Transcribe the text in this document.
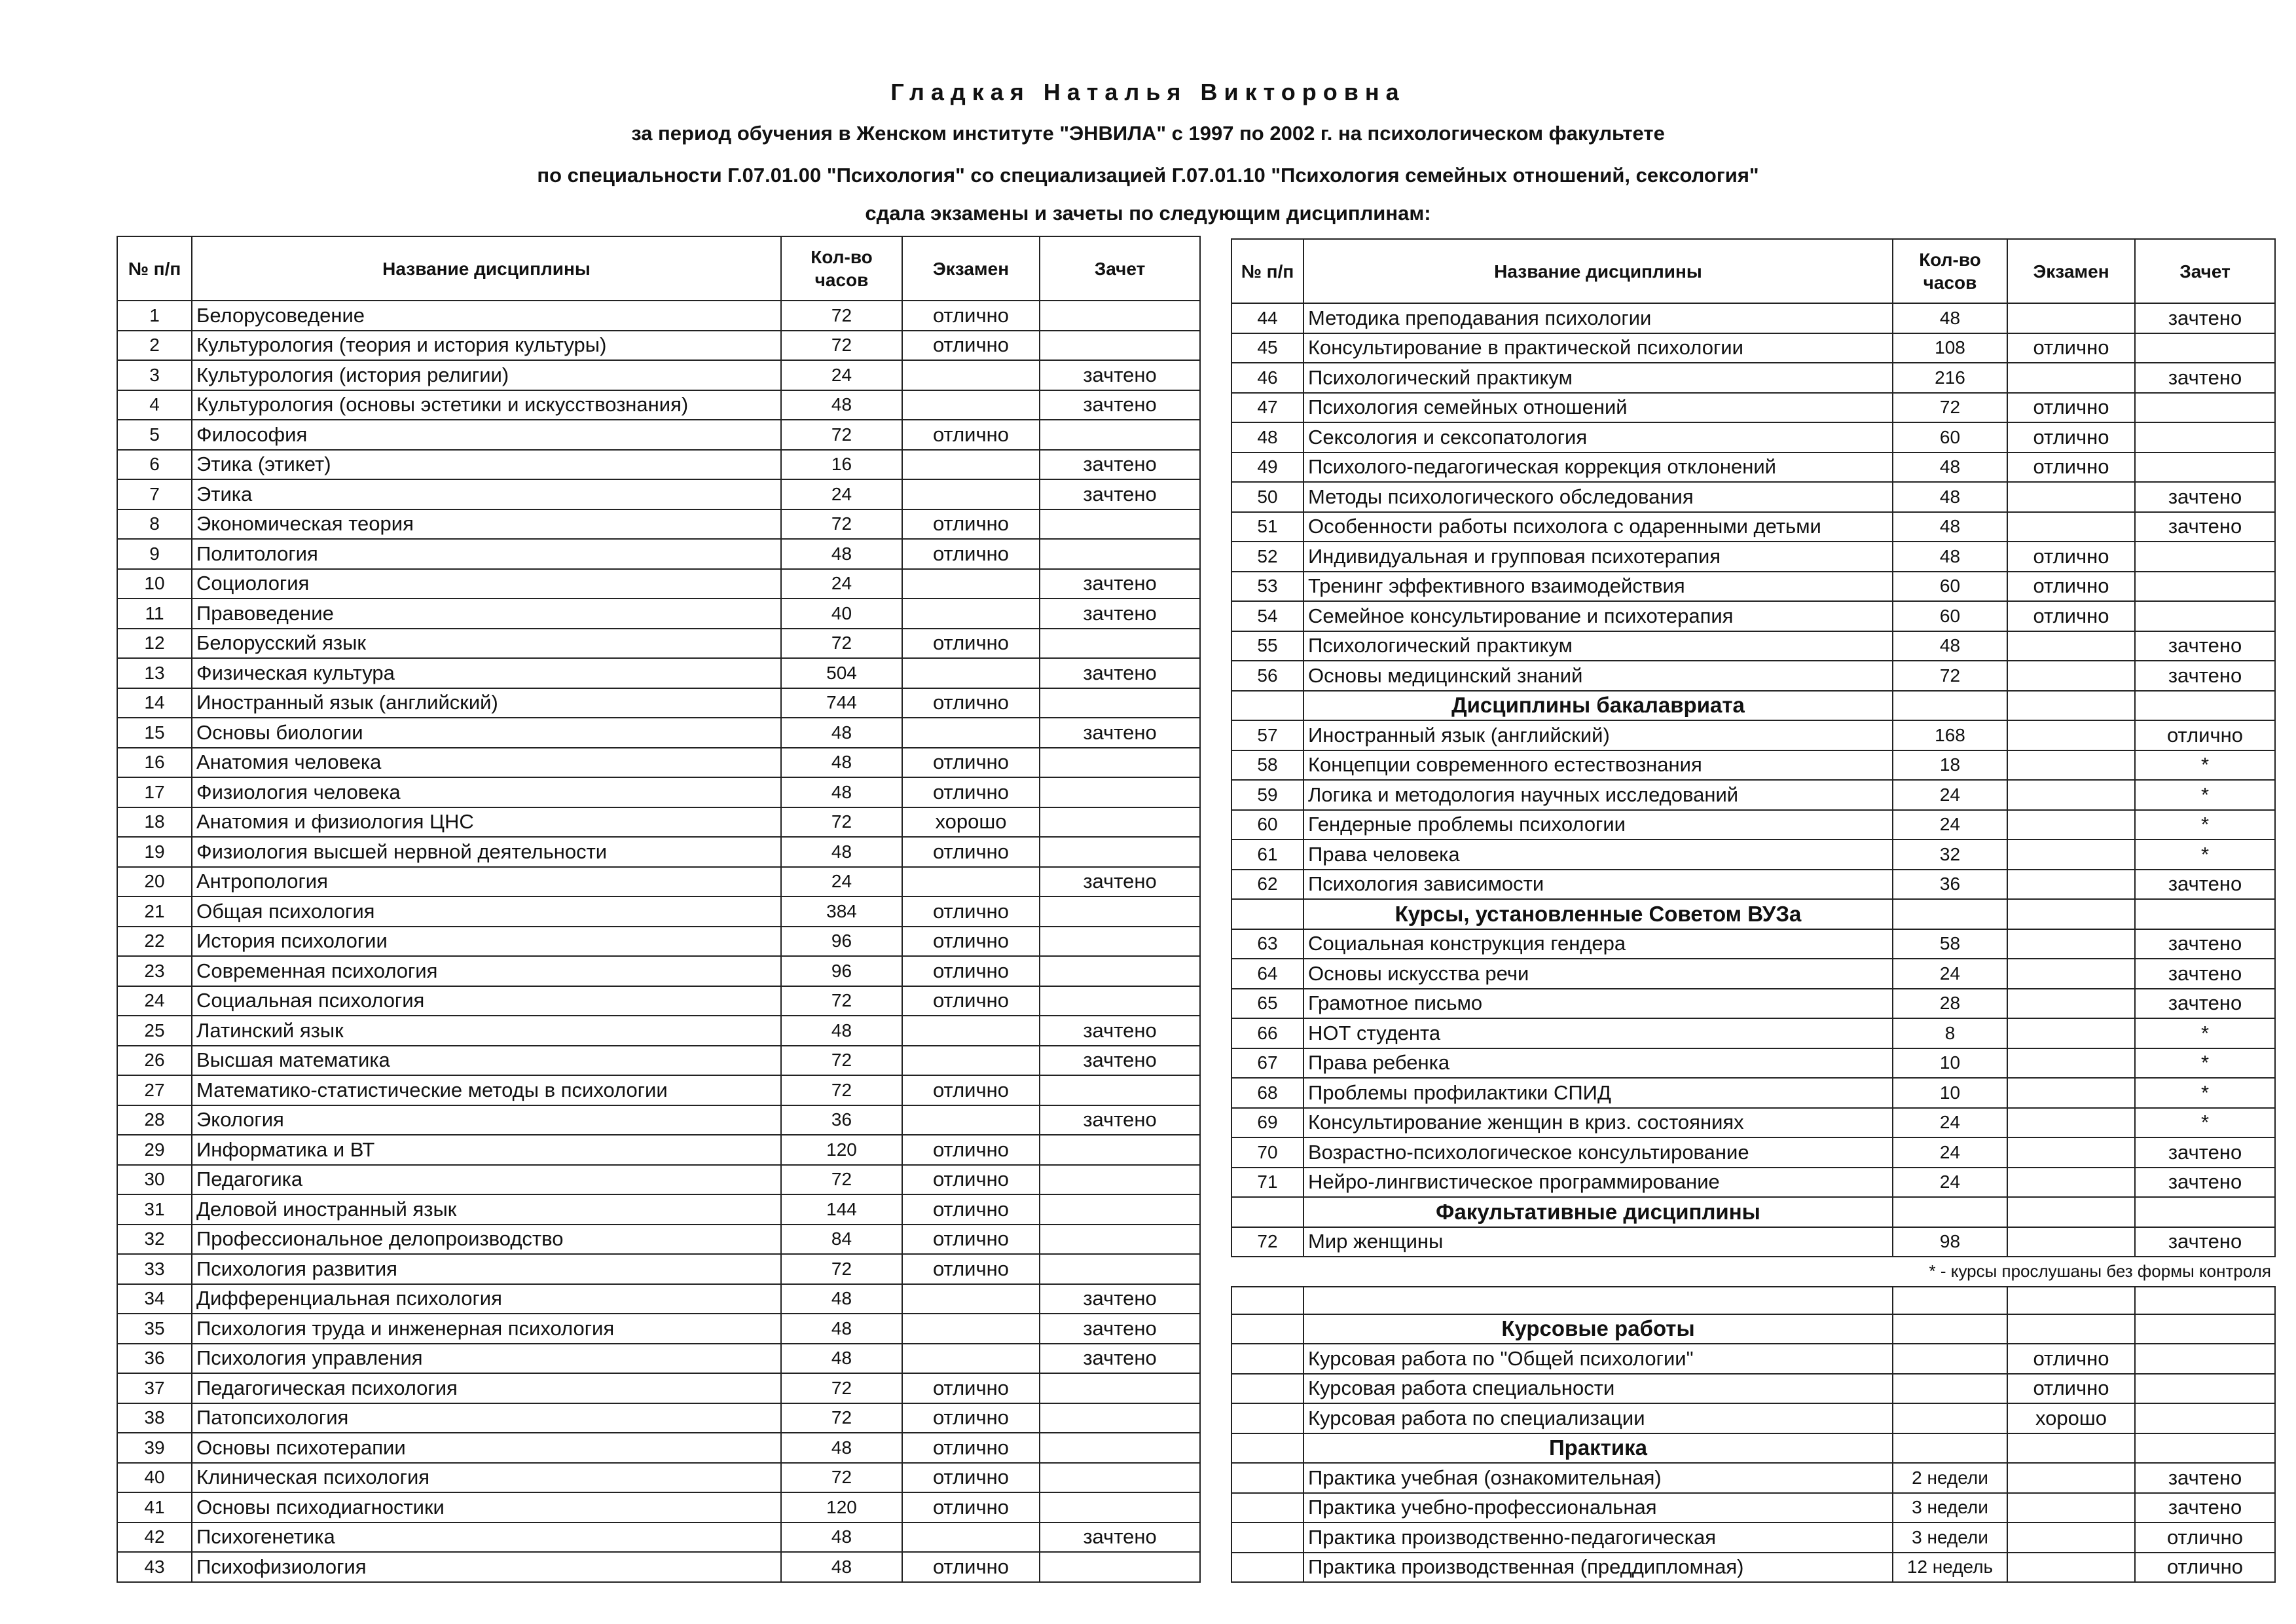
Гладкая Наталья Викторовна
за период обучения в Женском институте "ЭНВИЛА" с 1997 по 2002 г. на психологическом факультете
по специальности Г.07.01.00 "Психология" со специализацией Г.07.01.10 "Психология семейных отношений, сексология"
сдала экзамены и зачеты по следующим дисциплинам:
№ п/п	Название дисциплины	Кол-во часов	Экзамен	Зачет
1	Белорусоведение	72	отлично	
2	Культурология (теория и история культуры)	72	отлично	
3	Культурология (история религии)	24		зачтено
4	Культурология (основы эстетики и искусствознания)	48		зачтено
5	Философия	72	отлично	
6	Этика (этикет)	16		зачтено
7	Этика	24		зачтено
8	Экономическая теория	72	отлично	
9	Политология	48	отлично	
10	Социология	24		зачтено
11	Правоведение	40		зачтено
12	Белорусский язык	72	отлично	
13	Физическая культура	504		зачтено
14	Иностранный язык (английский)	744	отлично	
15	Основы биологии	48		зачтено
16	Анатомия человека	48	отлично	
17	Физиология человека	48	отлично	
18	Анатомия и физиология ЦНС	72	хорошо	
19	Физиология высшей нервной деятельности	48	отлично	
20	Антропология	24		зачтено
21	Общая психология	384	отлично	
22	История психологии	96	отлично	
23	Современная психология	96	отлично	
24	Социальная психология	72	отлично	
25	Латинский язык	48		зачтено
26	Высшая математика	72		зачтено
27	Математико-статистические методы в психологии	72	отлично	
28	Экология	36		зачтено
29	Информатика и ВТ	120	отлично	
30	Педагогика	72	отлично	
31	Деловой иностранный язык	144	отлично	
32	Профессиональное делопроизводство	84	отлично	
33	Психология развития	72	отлично	
34	Дифференциальная психология	48		зачтено
35	Психология труда и инженерная психология	48		зачтено
36	Психология управления	48		зачтено
37	Педагогическая психология	72	отлично	
38	Патопсихология	72	отлично	
39	Основы психотерапии	48	отлично	
40	Клиническая психология	72	отлично	
41	Основы психодиагностики	120	отлично	
42	Психогенетика	48		зачтено
43	Психофизиология	48	отлично	
№ п/п	Название дисциплины	Кол-во часов	Экзамен	Зачет
44	Методика преподавания психологии	48		зачтено
45	Консультирование в практической психологии	108	отлично	
46	Психологический практикум	216		зачтено
47	Психология семейных отношений	72	отлично	
48	Сексология и сексопатология	60	отлично	
49	Психолого-педагогическая коррекция отклонений	48	отлично	
50	Методы психологического обследования	48		зачтено
51	Особенности работы психолога с одаренными детьми	48		зачтено
52	Индивидуальная и групповая психотерапия	48	отлично	
53	Тренинг эффективного взаимодействия	60	отлично	
54	Семейное консультирование и психотерапия	60	отлично	
55	Психологический практикум	48		зачтено
56	Основы медицинский знаний	72		зачтено
	Дисциплины бакалавриата			
57	Иностранный язык (английский)	168		отлично
58	Концепции современного естествознания	18		*
59	Логика и методология научных исследований	24		*
60	Гендерные проблемы психологии	24		*
61	Права человека	32		*
62	Психология зависимости	36		зачтено
	Курсы, установленные Советом ВУЗа			
63	Социальная конструкция гендера	58		зачтено
64	Основы искусства речи	24		зачтено
65	Грамотное письмо	28		зачтено
66	НОТ студента	8		*
67	Права ребенка	10		*
68	Проблемы профилактики СПИД	10		*
69	Консультирование женщин в криз. состояниях	24		*
70	Возрастно-психологическое консультирование	24		зачтено
71	Нейро-лингвистическое программирование	24		зачтено
	Факультативные дисциплины			
72	Мир женщины	98		зачтено
* - курсы прослушаны без формы контроля				

	Курсовые работы			
	Курсовая работа по "Общей психологии"		отлично	
	Курсовая работа специальности		отлично	
	Курсовая работа по специализации		хорошо	
	Практика			
	Практика учебная (ознакомительная)	2 недели		зачтено
	Практика учебно-профессиональная	3 недели		зачтено
	Практика производственно-педагогическая	3 недели		отлично
	Практика производственная (преддипломная)	12 недель		отлично
